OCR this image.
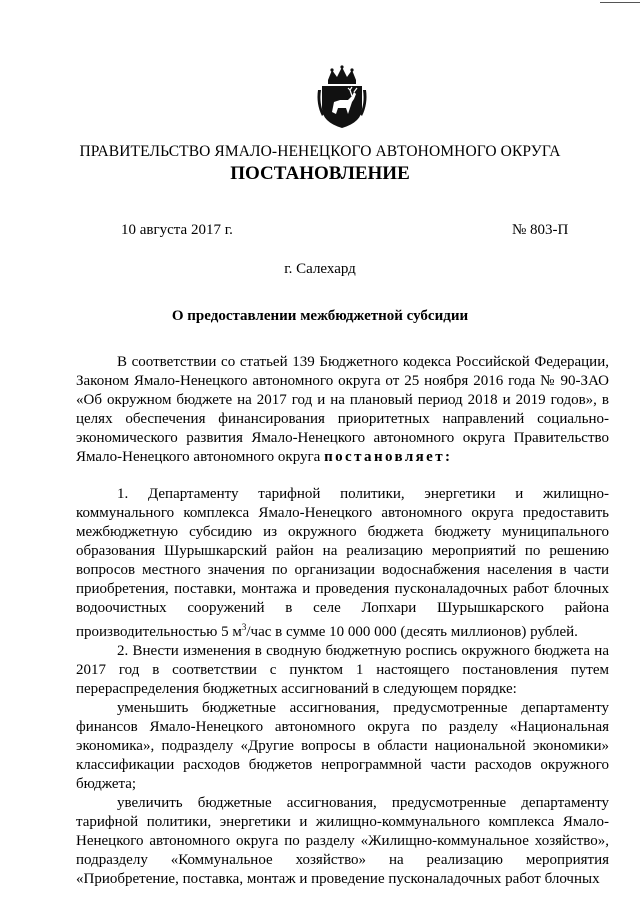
ПРАВИТЕЛЬСТВО ЯМАЛО-НЕНЕЦКОГО АВТОНОМНОГО ОКРУГА
ПОСТАНОВЛЕНИЕ
10 августа 2017 г.	№ 803-П
г. Салехард
О предоставлении межбюджетной субсидии

В соответствии со статьей 139 Бюджетного кодекса Российской Федерации, Законом Ямало-Ненецкого автономного округа от 25 ноября 2016 года № 90-ЗАО «Об окружном бюджете на 2017 год и на плановый период 2018 и 2019 годов», в целях обеспечения финансирования приоритетных направлений социально-экономического развития Ямало-Ненецкого автономного округа Правительство Ямало-Ненецкого автономного округа постановляет:

1. Департаменту тарифной политики, энергетики и жилищно-коммунального комплекса Ямало-Ненецкого автономного округа предоставить межбюджетную субсидию из окружного бюджета бюджету муниципального образования Шурышкарский район на реализацию мероприятий по решению вопросов местного значения по организации водоснабжения населения в части приобретения, поставки, монтажа и проведения пусконаладочных работ блочных водоочистных сооружений в селе Лопхари Шурышкарского района производительностью 5 $м^3$/час в сумме 10 000 000 (десять миллионов) рублей.

2. Внести изменения в сводную бюджетную роспись окружного бюджета на 2017 год в соответствии с пунктом 1 настоящего постановления путем перераспределения бюджетных ассигнований в следующем порядке:

уменьшить бюджетные ассигнования, предусмотренные департаменту финансов Ямало-Ненецкого автономного округа по разделу «Национальная экономика», подразделу «Другие вопросы в области национальной экономики» классификации расходов бюджетов непрограммной части расходов окружного бюджета;

увеличить бюджетные ассигнования, предусмотренные департаменту тарифной политики, энергетики и жилищно-коммунального комплекса Ямало-Ненецкого автономного округа по разделу «Жилищно-коммунальное хозяйство», подразделу «Коммунальное хозяйство» на реализацию мероприятия «Приобретение, поставка, монтаж и проведение пусконаладочных работ блочных
